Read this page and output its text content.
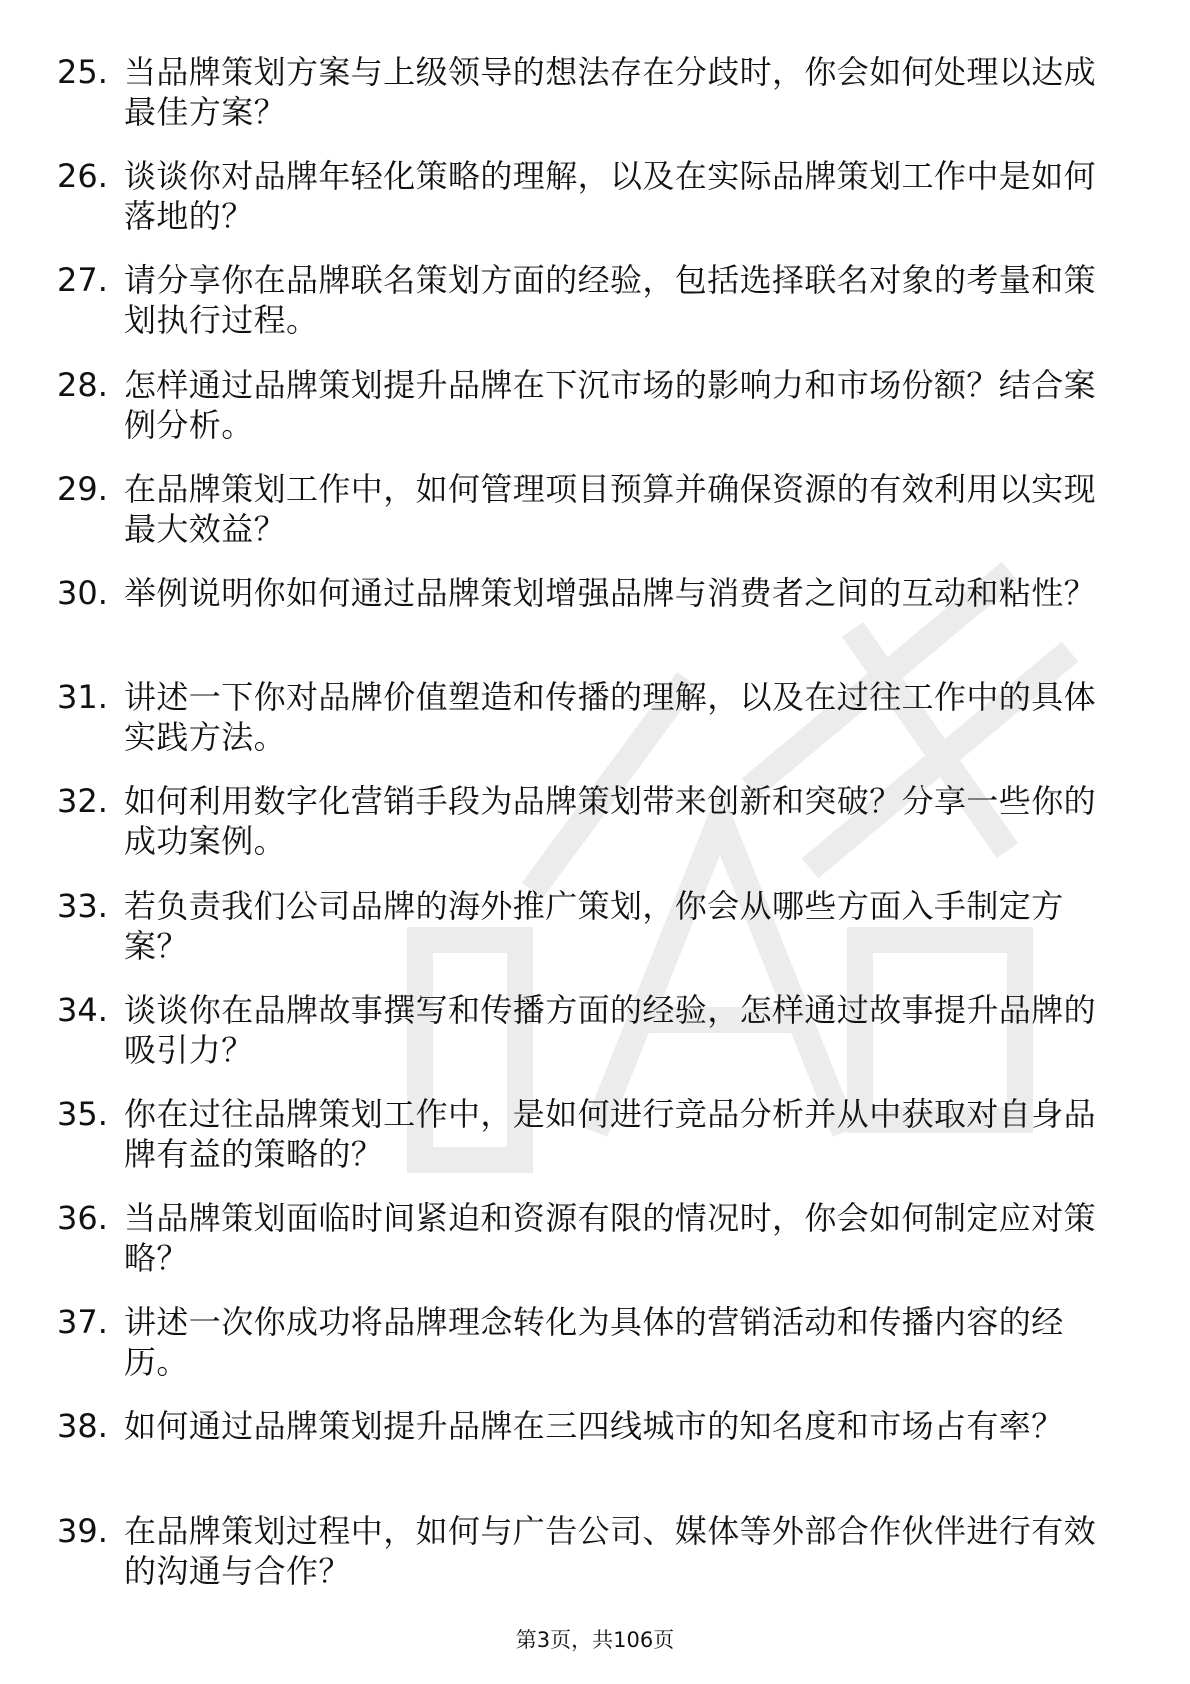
25. 当品牌策划方案与上级领导的想法存在分歧时，你会如何处理以达成最佳方案？
26. 谈谈你对品牌年轻化策略的理解，以及在实际品牌策划工作中是如何落地的？
27. 请分享你在品牌联名策划方面的经验，包括选择联名对象的考量和策划执行过程。
28. 怎样通过品牌策划提升品牌在下沉市场的影响力和市场份额？结合案例分析。
29. 在品牌策划工作中，如何管理项目预算并确保资源的有效利用以实现最大效益？
30. 举例说明你如何通过品牌策划增强品牌与消费者之间的互动和粘性？
31. 讲述一下你对品牌价值塑造和传播的理解，以及在过往工作中的具体实践方法。
32. 如何利用数字化营销手段为品牌策划带来创新和突破？分享一些你的成功案例。
33. 若负责我们公司品牌的海外推广策划，你会从哪些方面入手制定方案？
34. 谈谈你在品牌故事撰写和传播方面的经验，怎样通过故事提升品牌的吸引力？
35. 你在过往品牌策划工作中，是如何进行竞品分析并从中获取对自身品牌有益的策略的？
36. 当品牌策划面临时间紧迫和资源有限的情况时，你会如何制定应对策略？
37. 讲述一次你成功将品牌理念转化为具体的营销活动和传播内容的经历。
38. 如何通过品牌策划提升品牌在三四线城市的知名度和市场占有率？
39. 在品牌策划过程中，如何与广告公司、媒体等外部合作伙伴进行有效的沟通与合作？
第3页，共106页
